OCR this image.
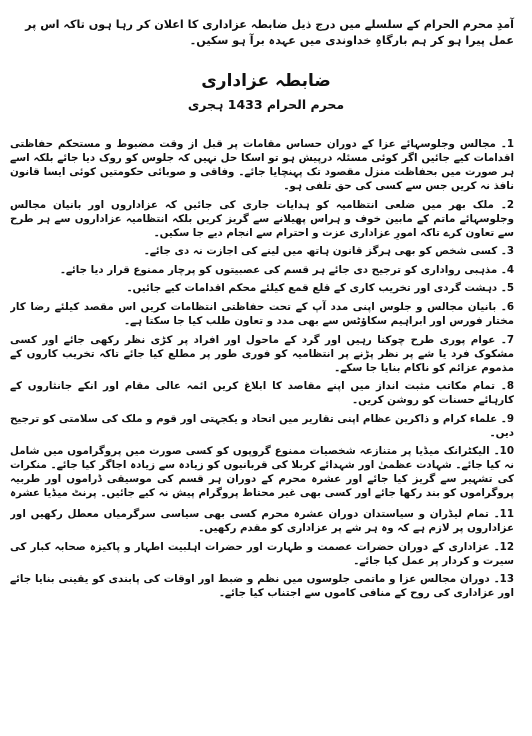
آمدِ محرم الحرام کے سلسلے میں درج ذیل ضابطہ عزاداری کا اعلان کر رہا ہوں تاکہ اس پر عمل پیرا ہو کر ہم بارگاہِ خداوندی میں عہدہ برآ ہو سکیں۔

ضابطہ عزاداری
محرم الحرام 1433 ہجری
1۔ مجالس وجلوسہائے عزا کے دوران حساس مقامات پر قبل از وقت مضبوط و مستحکم حفاظتی اقدامات کیے جائیں اگر کوئی مسئلہ درپیش ہو تو اسکا حل نہیں کہ جلوس کو روک دیا جائے بلکہ اسے ہر صورت میں بحفاظت منزل مقصود تک پہنچایا جائے۔ وفاقی و صوبائی حکومتیں کوئی ایسا قانون نافذ نہ کریں جس سے کسی کی حق تلفی ہو۔
2۔ ملک بھر میں ضلعی انتظامیہ کو ہدایات جاری کی جائیں کہ عزاداروں اور بانیان مجالس وجلوسہائے ماتم کے مابین خوف و ہراس پھیلانے سے گریز کریں بلکہ انتظامیہ عزاداروں سے ہر طرح سے تعاون کرے تاکہ امورِ عزاداری عزت و احترام سے انجام دیے جا سکیں۔
3۔ کسی شخص کو بھی ہرگز قانون ہاتھ میں لینے کی اجازت نہ دی جائے۔
4۔ مذہبی رواداری کو ترجیح دی جائے ہر قسم کی عصبیتوں کو پرچار ممنوع قرار دیا جائے۔
5۔ دہشت گردی اور تخریب کاری کے قلع قمع کیلئے محکم اقدامات کیے جائیں۔
6۔ بانیان مجالس و جلوس اپنی مدد آپ کے تحت حفاظتی انتظامات کریں اس مقصد کیلئے رضا کار مختار فورس اور ابراہیم سکاؤٹس سے بھی مدد و تعاون طلب کیا جا سکتا ہے۔
7۔ عوام پوری طرح چوکنا رہیں اور گرد کے ماحول اور افراد پر کڑی نظر رکھی جائے اور کسی مشکوک فرد یا شے پر نظر پڑنے پر انتظامیہ کو فوری طور پر مطلع کیا جائے تاکہ تخریب کاروں کے مذموم عزائم کو ناکام بنایا جا سکے۔
8۔ تمام مکاتب مثبت انداز میں اپنے مقاصد کا ابلاغ کریں ائمہ عالی مقام اور انکے جانثاروں کے کارہائے حسنات کو روشن کریں۔
9۔ علماء کرام و ذاکرین عظام اپنی تقاریر میں اتحاد و یکجہتی اور قوم و ملک کی سلامتی کو ترجیح دیں۔
10۔ الیکٹرانک میڈیا پر متنازعہ شخصیات ممنوع گروپوں کو کسی صورت میں پروگراموں میں شامل نہ کیا جائے۔ شہادت عظمیٰ اور شہدائے کربلا کی قربانیوں کو زیادہ سے زیادہ اجاگر کیا جائے۔ منکرات کی تشہیر سے گریز کیا جائے اور عشرہ محرم کے دوران ہر قسم کی موسیقی ڈراموں اور طربیہ پروگراموں کو بند رکھا جائے اور کسی بھی غیر محتاط پروگرام پیش نہ کیے جائیں۔ پرنٹ میڈیا عشرہ
11۔ تمام لیڈران و سیاستدان دوران عشرہ محرم کسی بھی سیاسی سرگرمیاں معطل رکھیں اور عزاداروں پر لازم ہے کہ وہ ہر شے پر عزاداری کو مقدم رکھیں۔
12۔ عزاداری کے دوران حضرات عصمت و طہارت اور حضرات اہلبیت اطہار و پاکیزہ صحابہ کبار کی سیرت و کردار پر عمل کیا جائے۔
13۔ دوران مجالس عزا و ماتمی جلوسوں میں نظم و ضبط اور اوقات کی پابندی کو یقینی بنایا جائے اور عزاداری کی روح کے منافی کاموں سے اجتناب کیا جائے۔
